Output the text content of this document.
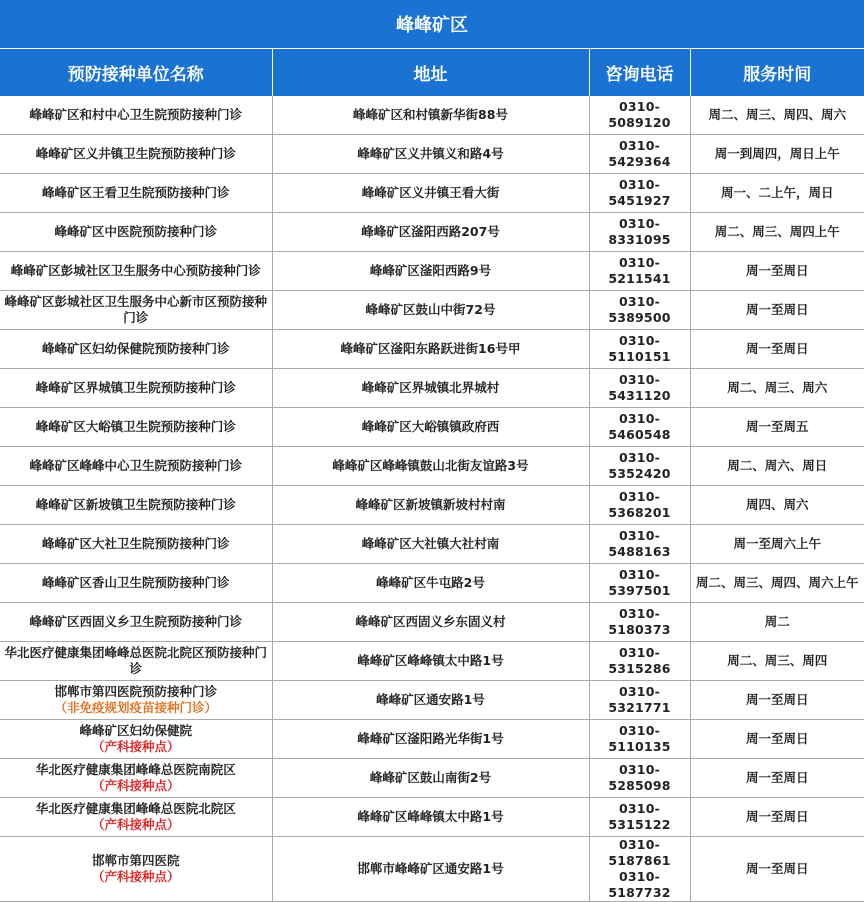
峰峰矿区
预防接种单位名称	地址	咨询电话	服务时间

峰峰矿区和村中心卫生院预防接种门诊	峰峰矿区和村镇新华街88号	0310-5089120	周二、周三、周四、周六

峰峰矿区义井镇卫生院预防接种门诊	峰峰矿区义井镇义和路4号	0310-5429364	周一到周四，周日上午

峰峰矿区王看卫生院预防接种门诊	峰峰矿区义井镇王看大街	0310-5451927	周一、二上午，周日

峰峰矿区中医院预防接种门诊	峰峰矿区滏阳西路207号	0310-8331095	周二、周三、周四上午

峰峰矿区彭城社区卫生服务中心预防接种门诊	峰峰矿区滏阳西路9号	0310-5211541	周一至周日

峰峰矿区彭城社区卫生服务中心新市区预防接种门诊	峰峰矿区鼓山中街72号	0310-5389500	周一至周日

峰峰矿区妇幼保健院预防接种门诊	峰峰矿区滏阳东路跃进街16号甲	0310-5110151	周一至周日

峰峰矿区界城镇卫生院预防接种门诊	峰峰矿区界城镇北界城村	0310-5431120	周二、周三、周六

峰峰矿区大峪镇卫生院预防接种门诊	峰峰矿区大峪镇镇政府西	0310-5460548	周一至周五

峰峰矿区峰峰中心卫生院预防接种门诊	峰峰矿区峰峰镇鼓山北街友谊路3号	0310-5352420	周二、周六、周日

峰峰矿区新坡镇卫生院预防接种门诊	峰峰矿区新坡镇新坡村村南	0310-5368201	周四、周六

峰峰矿区大社卫生院预防接种门诊	峰峰矿区大社镇大社村南	0310-5488163	周一至周六上午

峰峰矿区香山卫生院预防接种门诊	峰峰矿区牛屯路2号	0310-5397501	周二、周三、周四、周六上午

峰峰矿区西固义乡卫生院预防接种门诊	峰峰矿区西固义乡东固义村	0310-5180373	周二

华北医疗健康集团峰峰总医院北院区预防接种门诊	峰峰矿区峰峰镇太中路1号	0310-5315286	周二、周三、周四

邯郸市第四医院预防接种门诊
（非免疫规划疫苗接种门诊）	峰峰矿区通安路1号	0310-5321771	周一至周日

峰峰矿区妇幼保健院
（产科接种点）	峰峰矿区滏阳路光华街1号	0310-5110135	周一至周日

华北医疗健康集团峰峰总医院南院区
（产科接种点）	峰峰矿区鼓山南街2号	0310-5285098	周一至周日

华北医疗健康集团峰峰总医院北院区
（产科接种点）	峰峰矿区峰峰镇太中路1号	0310-5315122	周一至周日

邯郸市第四医院
（产科接种点）	邯郸市峰峰矿区通安路1号	0310-5187861
0310-5187732	周一至周日
